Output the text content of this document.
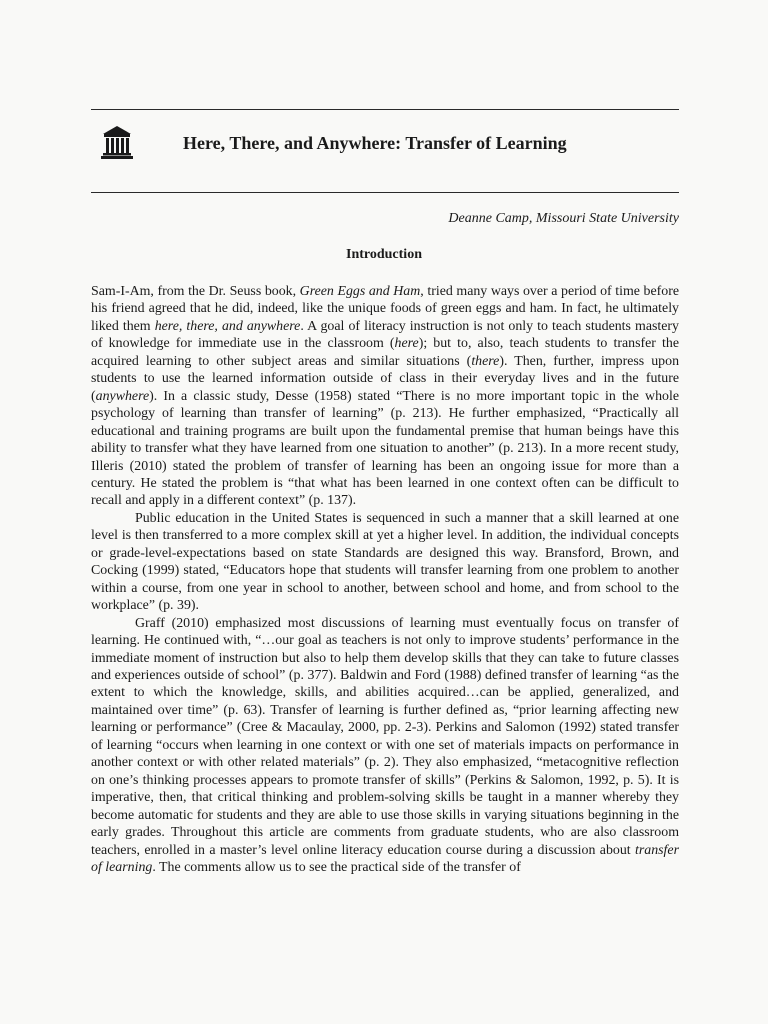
Here, There, and Anywhere: Transfer of Learning
Deanne Camp, Missouri State University
Introduction

Sam-I-Am, from the Dr. Seuss book, Green Eggs and Ham, tried many ways over a period of time before his friend agreed that he did, indeed, like the unique foods of green eggs and ham. In fact, he ultimately liked them here, there, and anywhere. A goal of literacy instruction is not only to teach students mastery of knowledge for immediate use in the classroom (here); but to, also, teach students to transfer the acquired learning to other subject areas and similar situations (there). Then, further, impress upon students to use the learned information outside of class in their everyday lives and in the future (anywhere). In a classic study, Desse (1958) stated “There is no more important topic in the whole psychology of learning than transfer of learning” (p. 213). He further emphasized, “Practically all educational and training programs are built upon the fundamental premise that human beings have this ability to transfer what they have learned from one situation to another” (p. 213). In a more recent study, Illeris (2010) stated the problem of transfer of learning has been an ongoing issue for more than a century. He stated the problem is “that what has been learned in one context often can be difficult to recall and apply in a different context” (p. 137).

Public education in the United States is sequenced in such a manner that a skill learned at one level is then transferred to a more complex skill at yet a higher level. In addition, the individual concepts or grade-level-expectations based on state Standards are designed this way. Bransford, Brown, and Cocking (1999) stated, “Educators hope that students will transfer learning from one problem to another within a course, from one year in school to another, between school and home, and from school to the workplace” (p. 39).

Graff (2010) emphasized most discussions of learning must eventually focus on transfer of learning. He continued with, “…our goal as teachers is not only to improve students’ performance in the immediate moment of instruction but also to help them develop skills that they can take to future classes and experiences outside of school” (p. 377). Baldwin and Ford (1988) defined transfer of learning “as the extent to which the knowledge, skills, and abilities acquired…can be applied, generalized, and maintained over time” (p. 63). Transfer of learning is further defined as, “prior learning affecting new learning or performance” (Cree & Macaulay, 2000, pp. 2-3). Perkins and Salomon (1992) stated transfer of learning “occurs when learning in one context or with one set of materials impacts on performance in another context or with other related materials” (p. 2). They also emphasized, “metacognitive reflection on one’s thinking processes appears to promote transfer of skills” (Perkins & Salomon, 1992, p. 5). It is imperative, then, that critical thinking and problem-solving skills be taught in a manner whereby they become automatic for students and they are able to use those skills in varying situations beginning in the early grades. Throughout this article are comments from graduate students, who are also classroom teachers, enrolled in a master’s level online literacy education course during a discussion about transfer of learning. The comments allow us to see the practical side of the transfer of
